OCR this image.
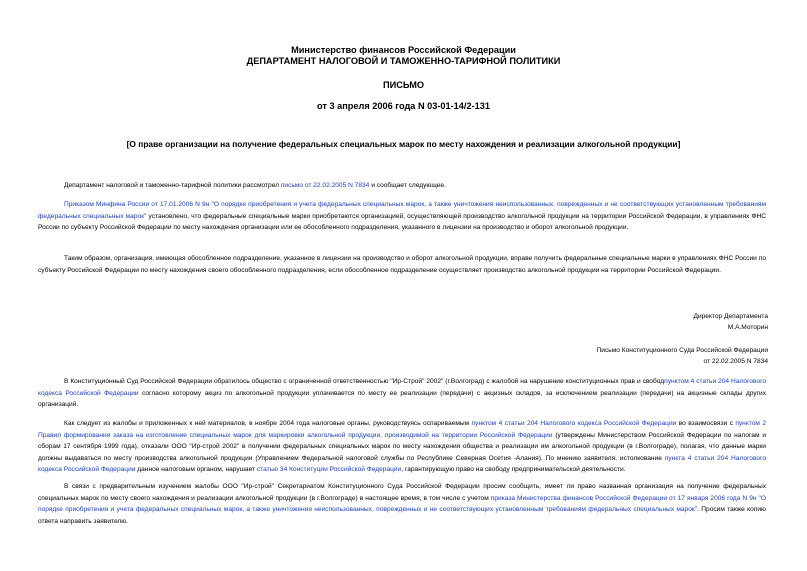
Министерство финансов Российской Федерации
ДЕПАРТАМЕНТ НАЛОГОВОЙ И ТАМОЖЕННО-ТАРИФНОЙ ПОЛИТИКИ
ПИСЬМО
от 3 апреля 2006 года N 03-01-14/2-131
[О праве организации на получение федеральных специальных марок по месту нахождения и реализации алкогольной продукции]
Департамент налоговой и таможенно-тарифной политики рассмотрел письмо от 22.02.2005 N 7834 и сообщает следующее.
Приказом Минфина России от 17.01.2006 N 9н "О порядке приобретения и учета федеральных специальных марок, а также уничтожения неиспользованных, поврежденных и не соответствующих установленным требованиям федеральных специальных марок" установлено, что федеральные специальные марки приобретаются организацией, осуществляющей производство алкогольной продукции на территории Российской Федерации, в управлениях ФНС России по субъекту Российской Федерации по месту нахождения организации или ее обособленного подразделения, указанного в лицензии на производство и оборот алкогольной продукции.
Таким образом, организация, имеющая обособленное подразделение, указанное в лицензии на производство и оборот алкогольной продукции, вправе получить федеральные специальные марки в управлениях ФНС России по субъекту Российской Федерации по месту нахождения своего обособленного подразделения, если обособленное подразделение осуществляет производство алкогольной продукции на территории Российской Федерации.
Директор Департамента
М.А.Моторин
Письмо Конституционного Суда Российской Федерации
от 22.02.2005 N 7834
В Конституционный Суд Российской Федерации обратилось общество с ограниченной ответственностью "Ир-Строй" 2002" (г.Волгоград) с жалобой на нарушение конституционных прав и свободпунктом 4 статьи 204 Налогового кодекса Российской Федерации согласно которому акциз по алкогольной продукции уплачивается по месту ее реализации (передачи) с акцизных складов, за исключением реализации (передачи) на акцизные склады других организаций.
Как следует из жалобы и приложенных к ней материалов, в ноябре 2004 года налоговые органы, руководствуясь оспариваемым пунктом 4 статьи 204 Налогового кодекса Российской Федерации во взаимосвязи с пунктом 2 Правил формирования заказа на изготовление специальных марок для маркировки алкогольной продукции, производимой на территории Российской Федерации (утверждены Министерством Российской Федерации по налогам и сборам 17 сентября 1999 года), отказали ООО "Ир-строй 2002" в получении федеральных специальных марок по месту нахождения общества и реализации им алкогольной продукции (в г.Волгограде), полагая, что данные марки должны выдаваться по месту производства алкогольной продукции (Управлением Федеральной налоговой службы по Республике Северная Осетия -Алания). По мнению заявителя, истолкование пункта 4 статьи 204 Налогового кодекса Российской Федерации данное налоговым органом, нарушает статью 34 Конституции Российской Федерации, гарантирующую право на свободу предпринимательской деятельности.
В связи с предварительным изучением жалобы ООО "Ир-строй" Секретариатом Конституционного Суда Российской Федерации просим сообщить, имеет ли право названная организация на получение федеральных специальных марок по месту своего нахождения и реализации алкогольной продукции (в г.Волгограде) в настоящее время, в том числе с учетом приказа Министерства финансов Российской Федерации от 17 января 2006 года N 9н "О порядке приобретения и учета федеральных специальных марок, а также уничтожения неиспользованных, поврежденных и не соответствующих установленным требованиям федеральных специальных марок". Просим также копию ответа направить заявителю.
